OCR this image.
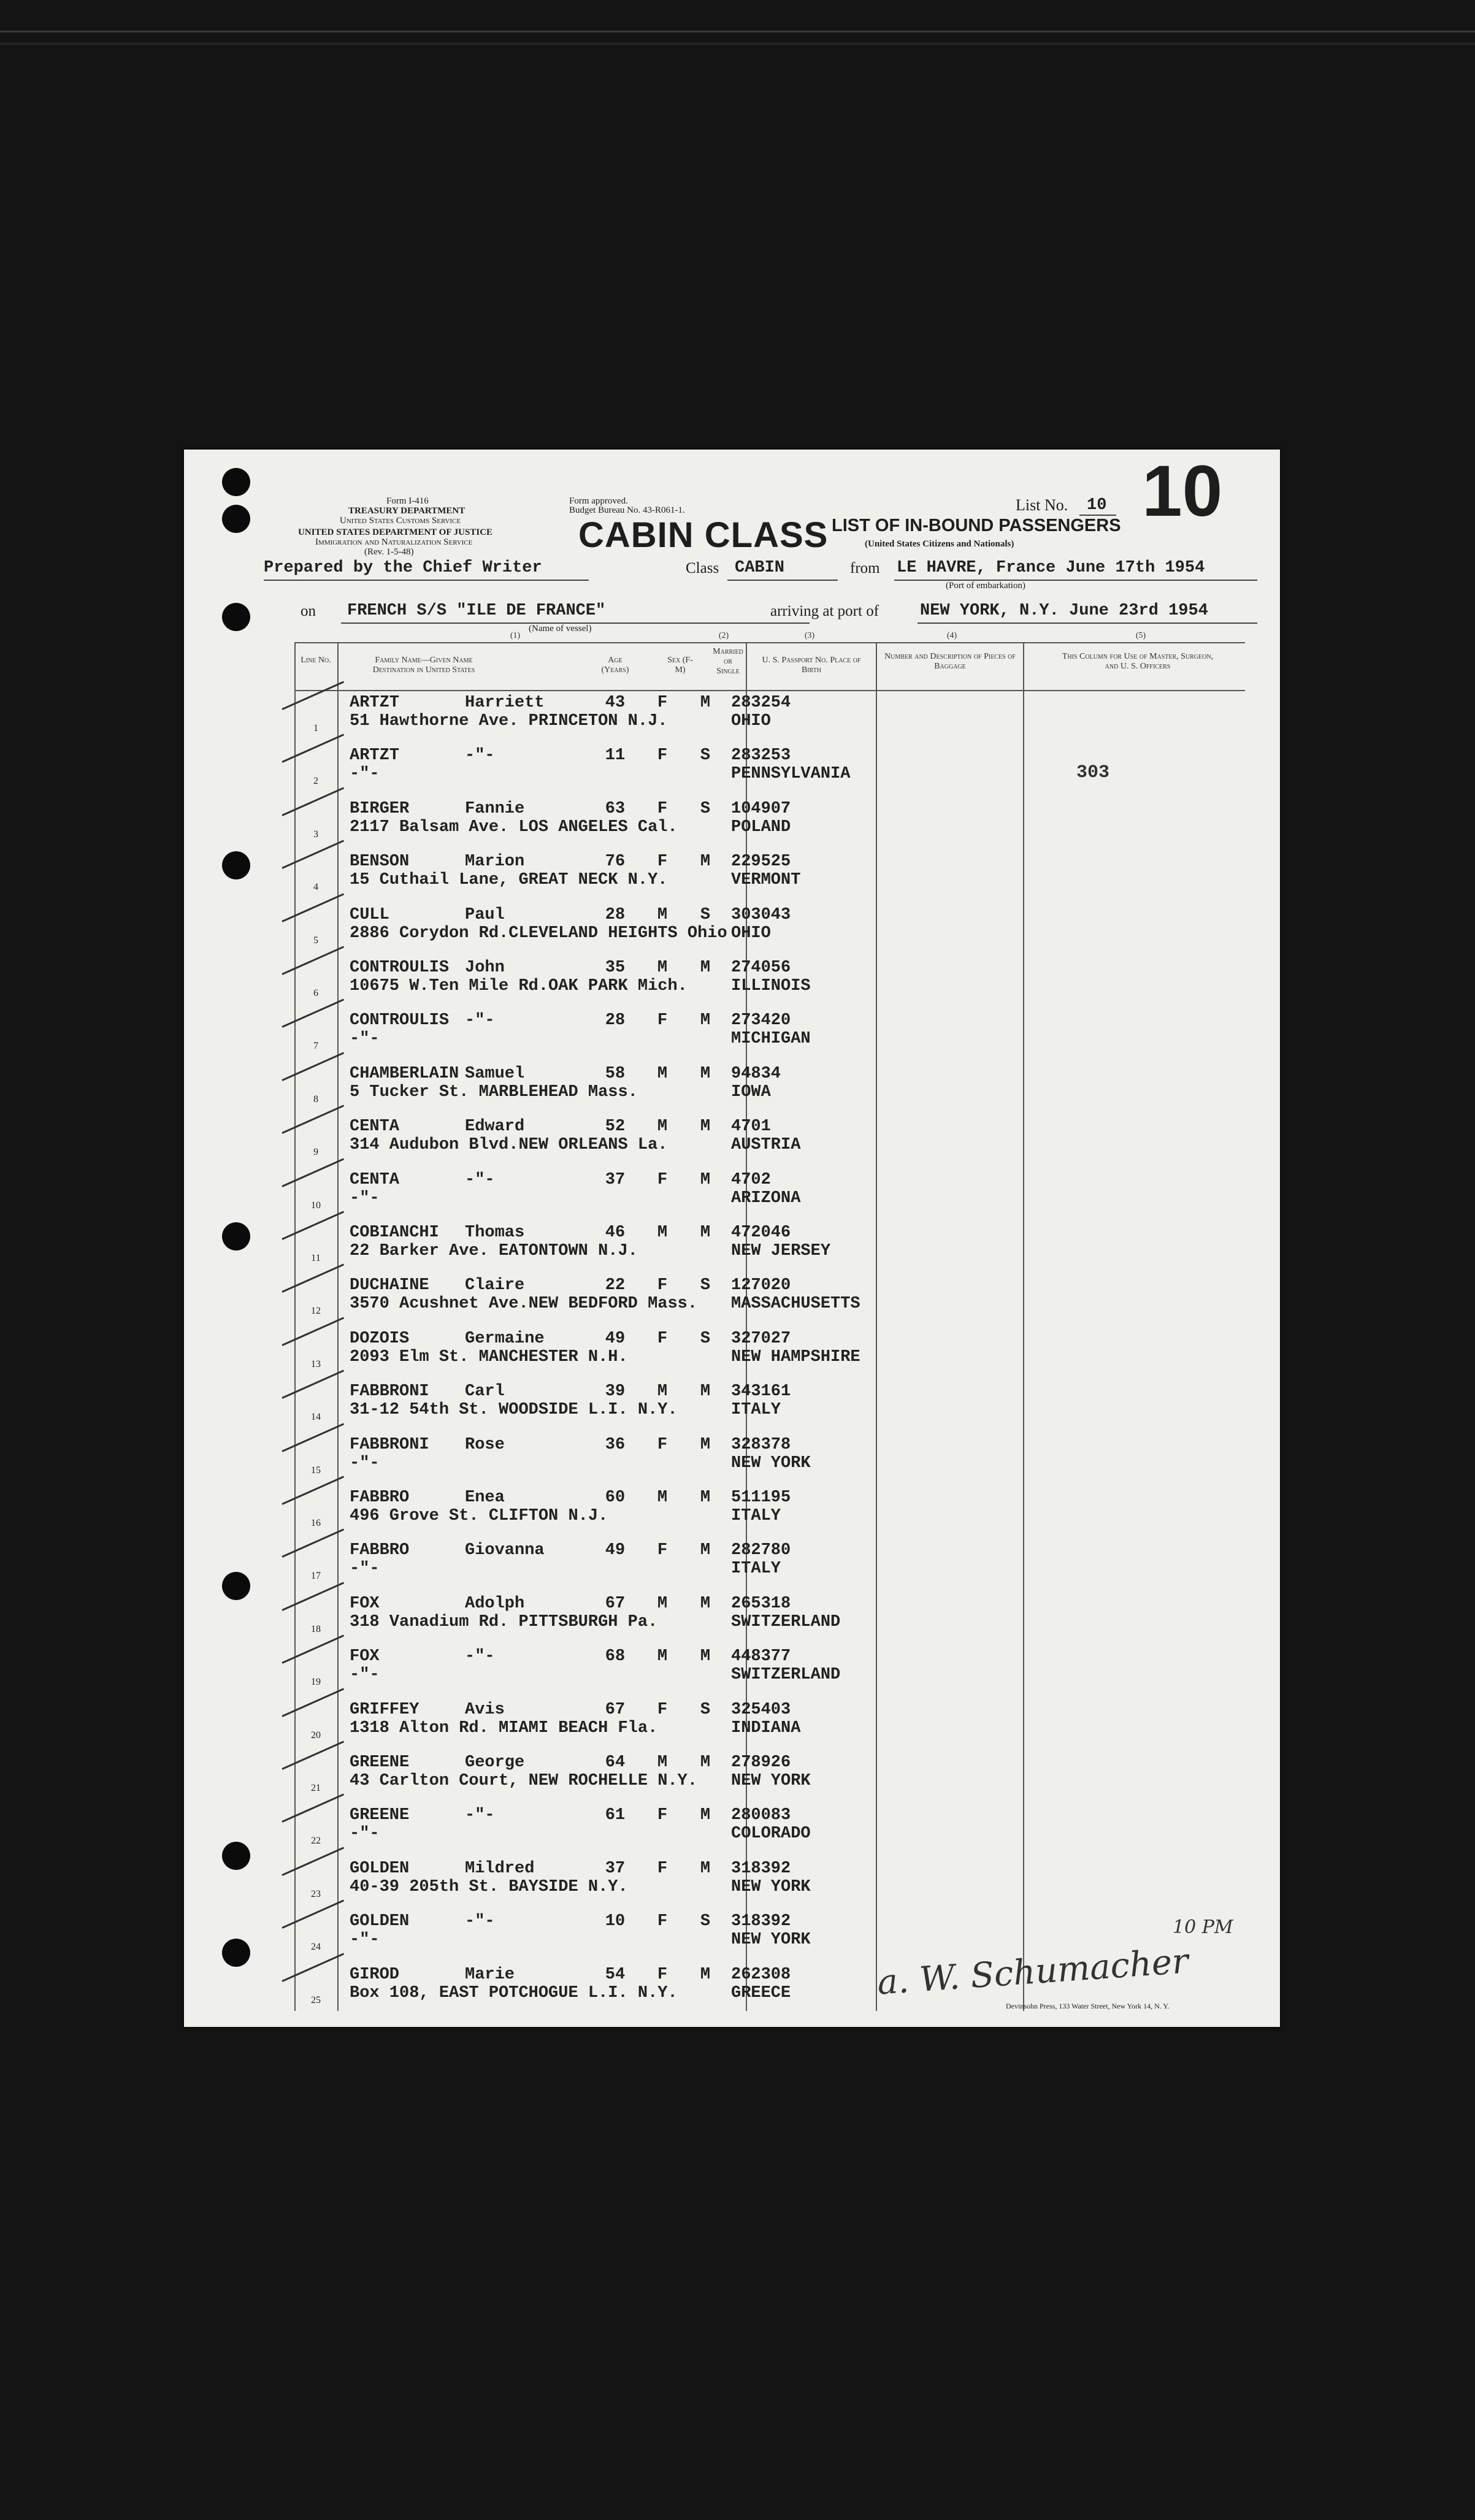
Form I-416
TREASURY DEPARTMENT
United States Customs Service
UNITED STATES DEPARTMENT OF JUSTICE
Immigration and Naturalization Service
(Rev. 1-5-48)
Form approved.
Budget Bureau No. 43-R061-1.
CABIN CLASS LIST OF IN-BOUND PASSENGERS
(United States Citizens and Nationals)
List No. 10 10
Prepared by the Chief Writer	Class CABIN	from LE HAVRE, France June 17th 1954
(Port of embarkation)
on FRENCH S/S "ILE DE FRANCE"
(Name of vessel)
arriving at port of NEW YORK, N.Y. June 23rd 1954
(1)	(2)	(3)	(4)	(5)
Line No.	Family Name—Given Name Destination in United States
Age (Years)
Sex (F-M)
Married or Single
U. S. Passport No. Place of Birth
Number and Description of Pieces of Baggage
This Column for Use of Master, Surgeon, and U. S. Officers
1
ARTZT	Harriett	43	F	M	283254
51 Hawthorne Ave. PRINCETON N.J.	OHIO
2
ARTZT	-"-	11	F	S	283253
-"-	PENNSYLVANIA
3
BIRGER	Fannie	63	F	S	104907
2117 Balsam Ave. LOS ANGELES Cal.	POLAND
4
BENSON	Marion	76	F	M	229525
15 Cuthail Lane, GREAT NECK N.Y.	VERMONT
5
CULL	Paul	28	M	S	303043
2886 Corydon Rd.CLEVELAND HEIGHTS Ohio OHIO
6
CONTROULIS John	35	M	M	274056
10675 W.Ten Mile Rd.OAK PARK Mich.	ILLINOIS
7
CONTROULIS -"-	28	F	M	273420
-"-	MICHIGAN
8
CHAMBERLAIN Samuel	58	M	M	94834
5 Tucker St. MARBLEHEAD Mass.	IOWA
9
CENTA	Edward	52	M	M	4701
314 Audubon Blvd.NEW ORLEANS La.	AUSTRIA
10
CENTA	-"-	37	F	M	4702
-"-	ARIZONA
11
COBIANCHI Thomas	46	M	M	472046
22 Barker Ave. EATONTOWN N.J.	NEW JERSEY
12
DUCHAINE Claire	22	F	S	127020
3570 Acushnet Ave.NEW BEDFORD Mass. MASSACHUSETTS
13
DOZOIS	Germaine	49	F	S	327027
2093 Elm St. MANCHESTER N.H.	NEW HAMPSHIRE
14
FABBRONI Carl	39	M	M	343161
31-12 54th St. WOODSIDE L.I. N.Y.	ITALY
15
FABBRONI Rose	36	F	M	328378
-"-	NEW YORK
16
FABBRO	Enea	60	M	M	511195
496 Grove St. CLIFTON N.J.	ITALY
17
FABBRO	Giovanna	49	F	M	282780
-"-	ITALY
18
FOX	Adolph	67	M	M	265318
318 Vanadium Rd. PITTSBURGH Pa.	SWITZERLAND
19
FOX	-"-	68	M	M	448377
-"-	SWITZERLAND
20
GRIFFEY	Avis	67	F	S	325403
1318 Alton Rd. MIAMI BEACH Fla.	INDIANA
21
GREENE	George	64	M	M	278926
43 Carlton Court, NEW ROCHELLE N.Y. NEW YORK
22
GREENE	-"-	61	F	M	280083
-"-	COLORADO
23
GOLDEN	Mildred	37	F	M	318392
40-39 205th St. BAYSIDE N.Y.	NEW YORK
24
GOLDEN	-"-	10	F	S	318392
-"-	NEW YORK
25
GIROD	Marie	54	F	M	262308
Box 108, EAST POTCHOGUE L.I. N.Y.	GREECE
303
a. W. Schumacher
10 PM
Devinsohn Press, 133 Water Street, New York 14, N. Y.
